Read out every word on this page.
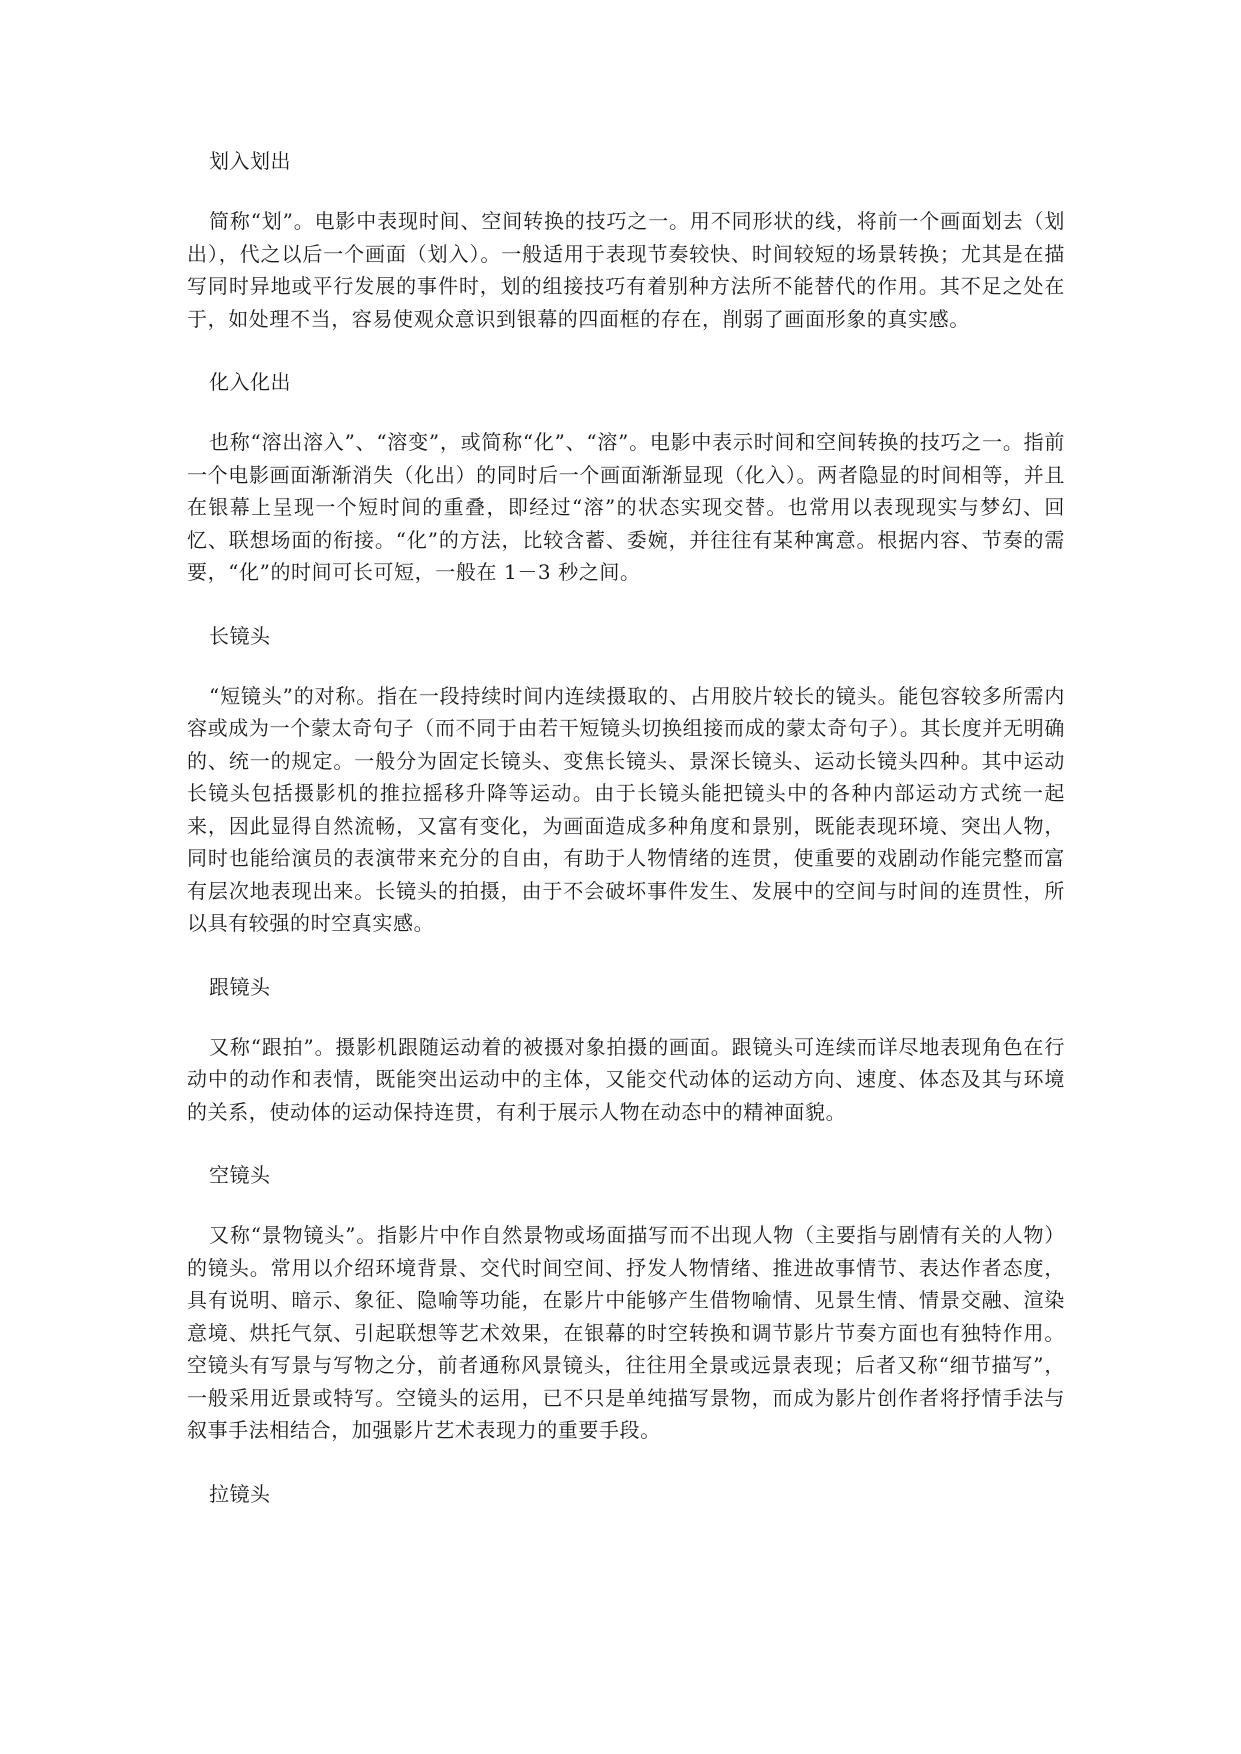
划入划出

简称“划”。电影中表现时间、空间转换的技巧之一。用不同形状的线，将前一个画面划去（划出），代之以后一个画面（划入）。一般适用于表现节奏较快、时间较短的场景转换；尤其是在描写同时异地或平行发展的事件时，划的组接技巧有着别种方法所不能替代的作用。其不足之处在于，如处理不当，容易使观众意识到银幕的四面框的存在，削弱了画面形象的真实感。

化入化出

也称“溶出溶入”、“溶变”，或简称“化”、“溶”。电影中表示时间和空间转换的技巧之一。指前一个电影画面渐渐消失（化出）的同时后一个画面渐渐显现（化入）。两者隐显的时间相等，并且在银幕上呈现一个短时间的重叠，即经过“溶”的状态实现交替。也常用以表现现实与梦幻、回忆、联想场面的衔接。“化”的方法，比较含蓄、委婉，并往往有某种寓意。根据内容、节奏的需要，“化”的时间可长可短，一般在 1－3 秒之间。

长镜头

“短镜头”的对称。指在一段持续时间内连续摄取的、占用胶片较长的镜头。能包容较多所需内容或成为一个蒙太奇句子（而不同于由若干短镜头切换组接而成的蒙太奇句子）。其长度并无明确的、统一的规定。一般分为固定长镜头、变焦长镜头、景深长镜头、运动长镜头四种。其中运动长镜头包括摄影机的推拉摇移升降等运动。由于长镜头能把镜头中的各种内部运动方式统一起来，因此显得自然流畅，又富有变化，为画面造成多种角度和景别，既能表现环境、突出人物，同时也能给演员的表演带来充分的自由，有助于人物情绪的连贯，使重要的戏剧动作能完整而富有层次地表现出来。长镜头的拍摄，由于不会破坏事件发生、发展中的空间与时间的连贯性，所以具有较强的时空真实感。

跟镜头

又称“跟拍”。摄影机跟随运动着的被摄对象拍摄的画面。跟镜头可连续而详尽地表现角色在行动中的动作和表情，既能突出运动中的主体，又能交代动体的运动方向、速度、体态及其与环境的关系，使动体的运动保持连贯，有利于展示人物在动态中的精神面貌。

空镜头

又称“景物镜头”。指影片中作自然景物或场面描写而不出现人物（主要指与剧情有关的人物）的镜头。常用以介绍环境背景、交代时间空间、抒发人物情绪、推进故事情节、表达作者态度，具有说明、暗示、象征、隐喻等功能，在影片中能够产生借物喻情、见景生情、情景交融、渲染意境、烘托气氛、引起联想等艺术效果，在银幕的时空转换和调节影片节奏方面也有独特作用。空镜头有写景与写物之分，前者通称风景镜头，往往用全景或远景表现；后者又称“细节描写”，一般采用近景或特写。空镜头的运用，已不只是单纯描写景物，而成为影片创作者将抒情手法与叙事手法相结合，加强影片艺术表现力的重要手段。

拉镜头
